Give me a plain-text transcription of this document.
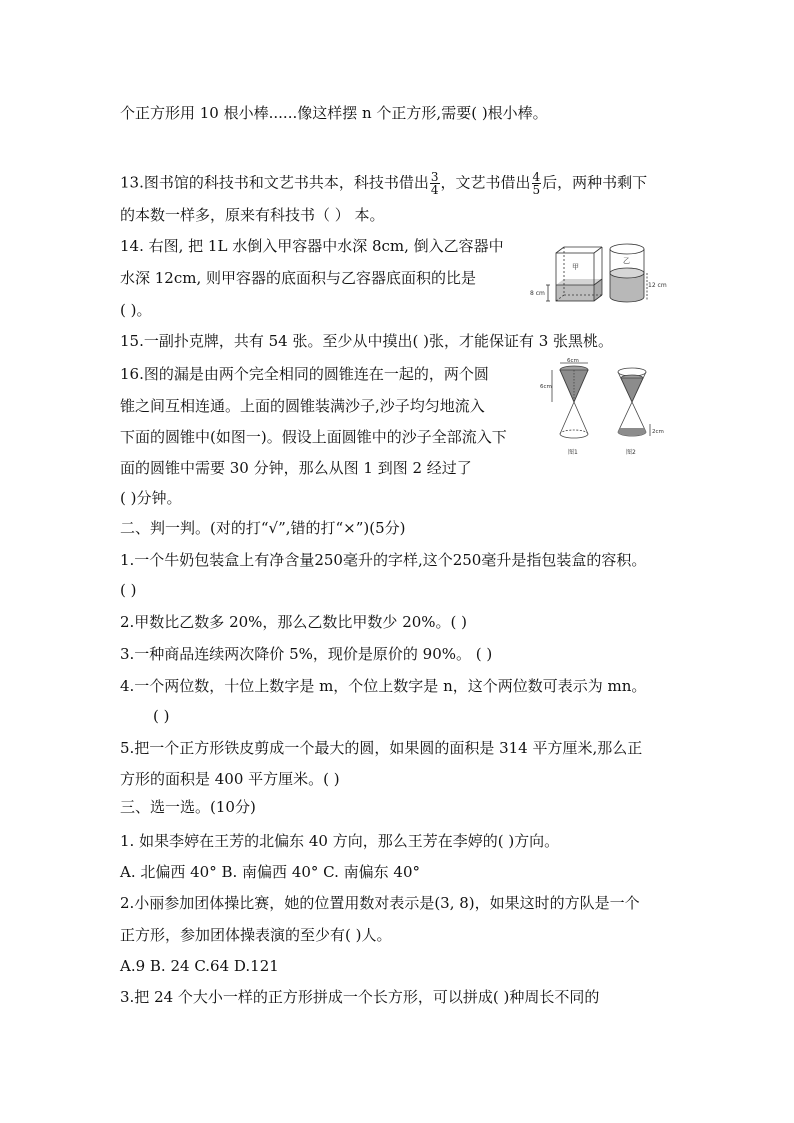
个正方形用 10 根小棒......像这样摆 n 个正方形,需要( )根小棒。
13.图书馆的科技书和文艺书共本，科技书借出 $\frac{3}{4}$ ，文艺书借出 $\frac{4}{5}$ 后，两种书剩下
的本数一样多，原来有科技书（ ） 本。
14. 右图, 把 1L 水倒入甲容器中水深 8cm, 倒入乙容器中
水深 12cm, 则甲容器的底面积与乙容器底面积的比是
( )。
15.一副扑克牌，共有 54 张。至少从中摸出( )张，才能保证有 3 张黑桃。
16.图的漏是由两个完全相同的圆锥连在一起的，两个圆
锥之间互相连通。上面的圆锥装满沙子,沙子均匀地流入
下面的圆锥中(如图一)。假设上面圆锥中的沙子全部流入下
面的圆锥中需要 30 分钟，那么从图 1 到图 2 经过了
( )分钟。
二、判一判。(对的打“√”,错的打“×”)(5分)
1.一个牛奶包装盒上有净含量250毫升的字样,这个250毫升是指包装盒的容积。
( )
2.甲数比乙数多 20%，那么乙数比甲数少 20%。( )
3.一种商品连续两次降价 5%，现价是原价的 90%。 ( )
4.一个两位数，十位上数字是 m，个位上数字是 n，这个两位数可表示为 mn。
( )
5.把一个正方形铁皮剪成一个最大的圆，如果圆的面积是 314 平方厘米,那么正
方形的面积是 400 平方厘米。( )
三、选一选。(10分)
1. 如果李婷在王芳的北偏东 40 方向，那么王芳在李婷的( )方向。
A. 北偏西 40° B. 南偏西 40° C. 南偏东 40°
2.小丽参加团体操比赛，她的位置用数对表示是(3, 8)，如果这时的方队是一个
正方形，参加团体操表演的至少有( )人。
A.9 B. 24 C.64 D.121
3.把 24 个大小一样的正方形拼成一个长方形，可以拼成( )种周长不同的
甲
8 cm
乙
12 cm
6cm
6cm
图1
2cm
图2
